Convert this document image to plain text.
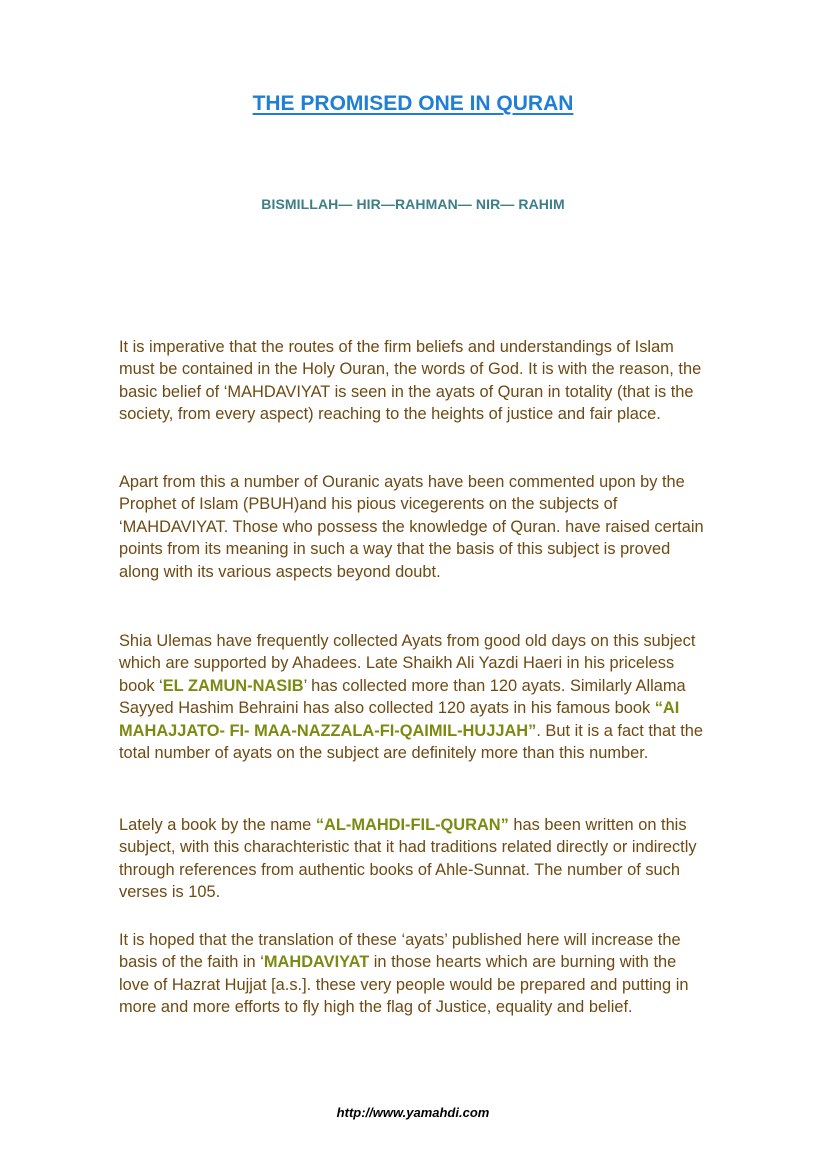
THE PROMISED ONE IN QURAN

BISMILLAH— HIR—RAHMAN— NIR— RAHIM

It is imperative that the routes of the firm beliefs and understandings of Islam must be contained in the Holy Ouran, the words of God. It is with the reason, the basic belief of ‘MAHDAVIYAT is seen in the ayats of Quran in totality (that is the society, from every aspect) reaching to the heights of justice and fair place.

Apart from this a number of Ouranic ayats have been commented upon by the Prophet of Islam (PBUH)and his pious vicegerents on the subjects of ‘MAHDAVIYAT. Those who possess the knowledge of Quran. have raised certain points from its meaning in such a way that the basis of this subject is proved along with its various aspects beyond doubt.

Shia Ulemas have frequently collected Ayats from good old days on this subject which are supported by Ahadees. Late Shaikh Ali Yazdi Haeri in his priceless book ‘EL ZAMUN-NASIB’ has collected more than 120 ayats. Similarly Allama Sayyed Hashim Behraini has also collected 120 ayats in his famous book “AI MAHAJJATO- FI- MAA-NAZZALA-FI-QAIMIL-HUJJAH”. But it is a fact that the total number of ayats on the subject are definitely more than this number.

Lately a book by the name “AL-MAHDI-FIL-QURAN” has been written on this subject, with this charachteristic that it had traditions related directly or indirectly through references from authentic books of Ahle-Sunnat. The number of such verses is 105.

It is hoped that the translation of these ‘ayats’ published here will increase the basis of the faith in ‘MAHDAVIYAT in those hearts which are burning with the love of Hazrat Hujjat [a.s.]. these very people would be prepared and putting in more and more efforts to fly high the flag of Justice, equality and belief.

http://www.yamahdi.com
